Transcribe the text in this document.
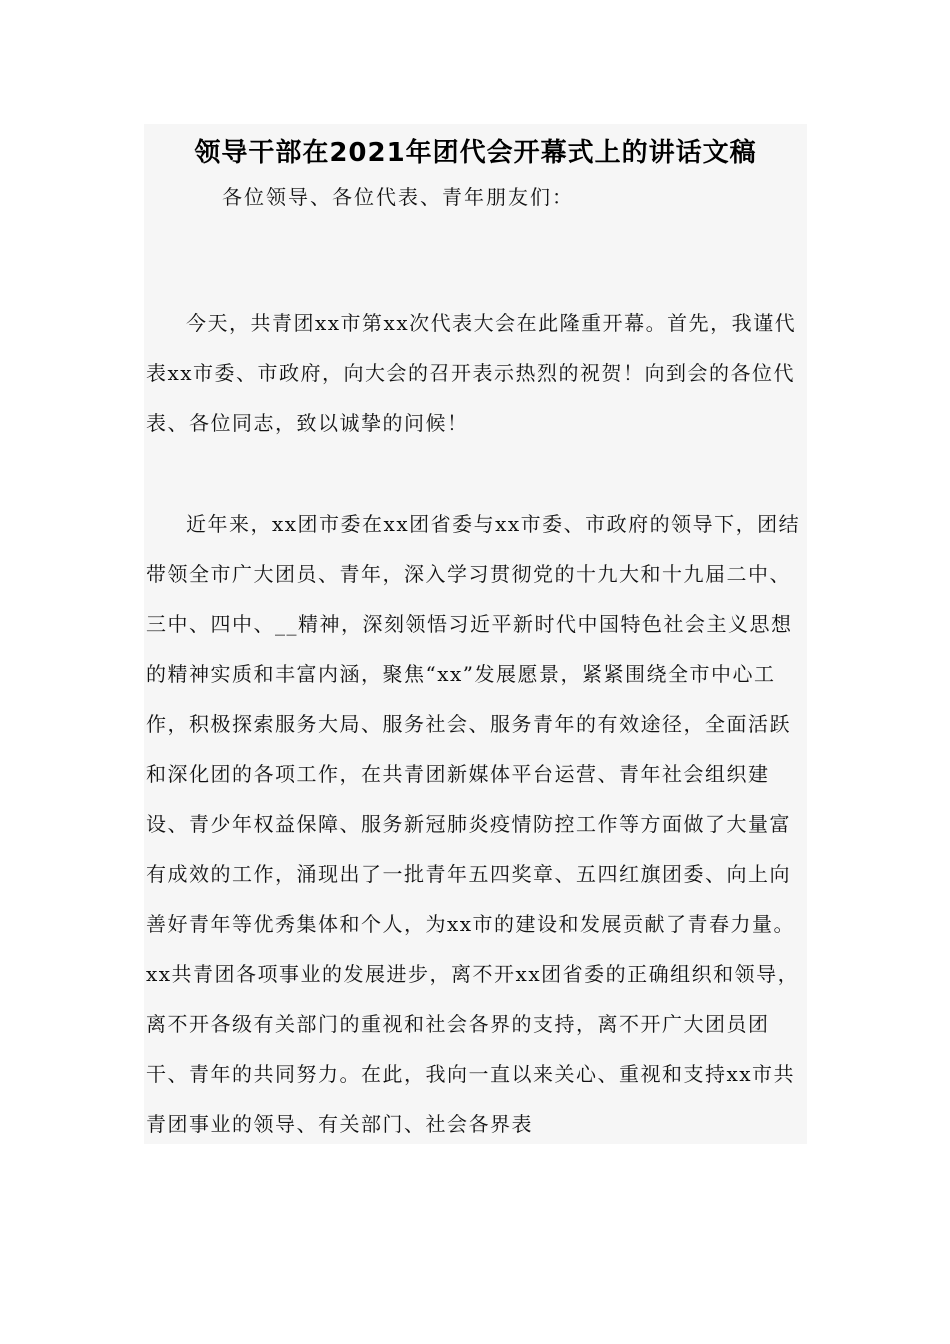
领导干部在2021年团代会开幕式上的讲话文稿

各位领导、各位代表、青年朋友们：

今天，共青团xx市第xx次代表大会在此隆重开幕。首先，我谨代表xx市委、市政府，向大会的召开表示热烈的祝贺！向到会的各位代表、各位同志，致以诚挚的问候！

近年来，xx团市委在xx团省委与xx市委、市政府的领导下，团结带领全市广大团员、青年，深入学习贯彻党的十九大和十九届二中、三中、四中、__精神，深刻领悟习近平新时代中国特色社会主义思想的精神实质和丰富内涵，聚焦“xx”发展愿景，紧紧围绕全市中心工作，积极探索服务大局、服务社会、服务青年的有效途径，全面活跃和深化团的各项工作，在共青团新媒体平台运营、青年社会组织建设、青少年权益保障、服务新冠肺炎疫情防控工作等方面做了大量富有成效的工作，涌现出了一批青年五四奖章、五四红旗团委、向上向善好青年等优秀集体和个人，为xx市的建设和发展贡献了青春力量。xx共青团各项事业的发展进步，离不开xx团省委的正确组织和领导，离不开各级有关部门的重视和社会各界的支持，离不开广大团员团干、青年的共同努力。在此，我向一直以来关心、重视和支持xx市共青团事业的领导、有关部门、社会各界表
